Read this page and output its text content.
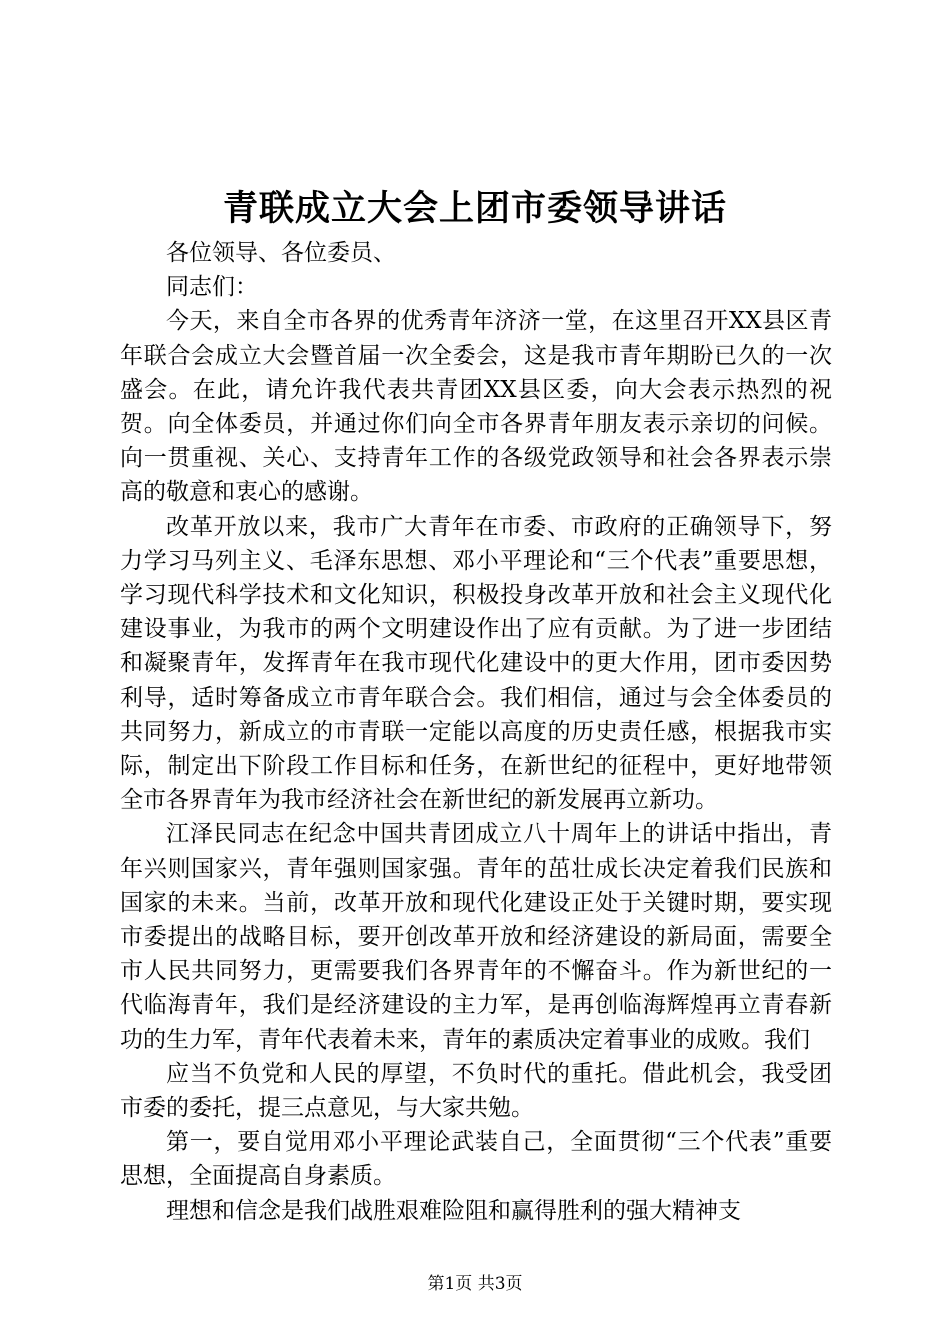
青联成立大会上团市委领导讲话

各位领导、各位委员、

同志们：

今天，来自全市各界的优秀青年济济一堂，在这里召开XX县区青年联合会成立大会暨首届一次全委会，这是我市青年期盼已久的一次盛会。在此，请允许我代表共青团XX县区委，向大会表示热烈的祝贺。向全体委员，并通过你们向全市各界青年朋友表示亲切的问候。向一贯重视、关心、支持青年工作的各级党政领导和社会各界表示崇高的敬意和衷心的感谢。

改革开放以来，我市广大青年在市委、市政府的正确领导下，努力学习马列主义、毛泽东思想、邓小平理论和“三个代表”重要思想，学习现代科学技术和文化知识，积极投身改革开放和社会主义现代化建设事业，为我市的两个文明建设作出了应有贡献。为了进一步团结和凝聚青年，发挥青年在我市现代化建设中的更大作用，团市委因势利导，适时筹备成立市青年联合会。我们相信，通过与会全体委员的共同努力，新成立的市青联一定能以高度的历史责任感，根据我市实际，制定出下阶段工作目标和任务，在新世纪的征程中，更好地带领全市各界青年为我市经济社会在新世纪的新发展再立新功。

江泽民同志在纪念中国共青团成立八十周年上的讲话中指出，青年兴则国家兴，青年强则国家强。青年的茁壮成长决定着我们民族和国家的未来。当前，改革开放和现代化建设正处于关键时期，要实现市委提出的战略目标，要开创改革开放和经济建设的新局面，需要全市人民共同努力，更需要我们各界青年的不懈奋斗。作为新世纪的一代临海青年，我们是经济建设的主力军，是再创临海辉煌再立青春新功的生力军，青年代表着未来，青年的素质决定着事业的成败。我们

应当不负党和人民的厚望，不负时代的重托。借此机会，我受团市委的委托，提三点意见，与大家共勉。

第一，要自觉用邓小平理论武装自己，全面贯彻“三个代表”重要思想，全面提高自身素质。

理想和信念是我们战胜艰难险阻和赢得胜利的强大精神支

第1页 共3页
